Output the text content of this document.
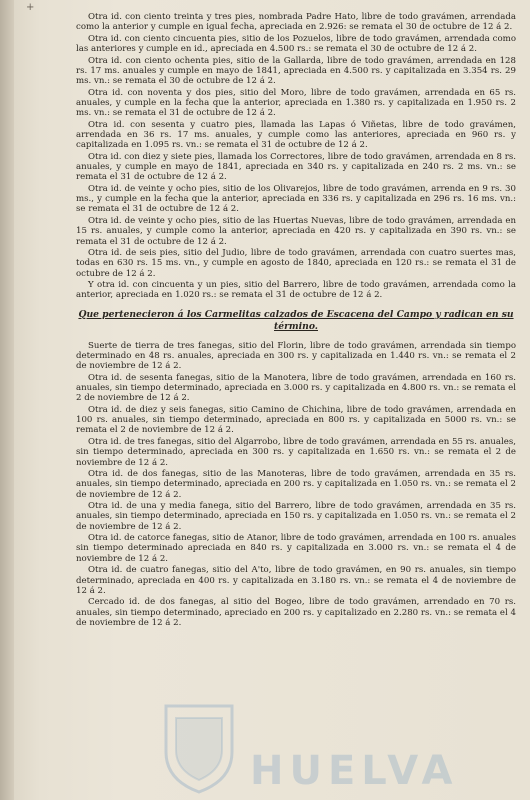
+

Otra id. con ciento treinta y tres pies, nombrada Padre Hato, libre de todo gravámen, arrendada como la anterior y cumple en igual fecha, apreciada en 2.926: se remata el 30 de octubre de 12 á 2.

Otra id. con ciento cincuenta pies, sitio de los Pozuelos, libre de todo gravámen, arrendada como las anteriores y cumple en id., apreciada en 4.500 rs.: se remata el 30 de octubre de 12 á 2.

Otra id. con ciento ochenta pies, sitio de la Gallarda, libre de todo gravámen, arrendada en 128 rs. 17 ms. anuales y cumple en mayo de 1841, apreciada en 4.500 rs. y capitalizada en 3.354 rs. 29 ms. vn.: se remata el 30 de octubre de 12 á 2.

Otra id. con noventa y dos pies, sitio del Moro, libre de todo gravámen, arrendada en 65 rs. anuales, y cumple en la fecha que la anterior, apreciada en 1.380 rs. y capitalizada en 1.950 rs. 2 ms. vn.: se remata el 31 de octubre de 12 á 2.

Otra id. con sesenta y cuatro pies, llamada las Lapas ó Viñetas, libre de todo gravámen, arrendada en 36 rs. 17 ms. anuales, y cumple como las anteriores, apreciada en 960 rs. y capitalizada en 1.095 rs. vn.: se remata el 31 de octubre de 12 á 2.

Otra id. con diez y siete pies, llamada los Correctores, libre de todo gravámen, arrendada en 8 rs. anuales, y cumple en mayo de 1841, apreciada en 340 rs. y capitalizada en 240 rs. 2 ms. vn.: se remata el 31 de octubre de 12 á 2.

Otra id. de veinte y ocho pies, sitio de los Olivarejos, libre de todo gravámen, arrenda en 9 rs. 30 ms., y cumple en la fecha que la anterior, apreciada en 336 rs. y capitalizada en 296 rs. 16 ms. vn.: se remata el 31 de octubre de 12 á 2.

Otra id. de veinte y ocho pies, sitio de las Huertas Nuevas, libre de todo gravámen, arrendada en 15 rs. anuales, y cumple como la anterior, apreciada en 420 rs. y capitalizada en 390 rs. vn.: se remata el 31 de octubre de 12 á 2.

Otra id. de seis pies, sitio del Judio, libre de todo gravámen, arrendada con cuatro suertes mas, todas en 630 rs. 15 ms. vn., y cumple en agosto de 1840, apreciada en 120 rs.: se remata el 31 de octubre de 12 á 2.

Y otra id. con cincuenta y un pies, sitio del Barrero, libre de todo gravámen, arrendada como la anterior, apreciada en 1.020 rs.: se remata el 31 de octubre de 12 á 2.

Que pertenecieron á los Carmelitas calzados de Escacena del Campo y radican en su término.

Suerte de tierra de tres fanegas, sitio del Florin, libre de todo gravámen, arrendada sin tiempo determinado en 48 rs. anuales, apreciada en 300 rs. y capitalizada en 1.440 rs. vn.: se remata el 2 de noviembre de 12 á 2.

Otra id. de sesenta fanegas, sitio de la Manotera, libre de todo gravámen, arrendada en 160 rs. anuales, sin tiempo determinado, apreciada en 3.000 rs. y capitalizada en 4.800 rs. vn.: se remata el 2 de noviembre de 12 á 2.

Otra id. de diez y seis fanegas, sitio Camino de Chichina, libre de todo gravámen, arrendada en 100 rs. anuales, sin tiempo determinado, apreciada en 800 rs. y capitalizada en 5000 rs. vn.: se remata el 2 de noviembre de 12 á 2.

Otra id. de tres fanegas, sitio del Algarrobo, libre de todo gravámen, arrendada en 55 rs. anuales, sin tiempo determinado, apreciada en 300 rs. y capitalizada en 1.650 rs. vn.: se remata el 2 de noviembre de 12 á 2.

Otra id. de dos fanegas, sitio de las Manoteras, libre de todo gravámen, arrendada en 35 rs. anuales, sin tiempo determinado, apreciada en 200 rs. y capitalizada en 1.050 rs. vn.: se remata el 2 de noviembre de 12 á 2.

Otra id. de una y media fanega, sitio del Barrero, libre de todo gravámen, arrendada en 35 rs. anuales, sin tiempo determinado, apreciada en 150 rs. y capitalizada en 1.050 rs. vn.: se remata el 2 de noviembre de 12 á 2.

Otra id. de catorce fanegas, sitio de Atanor, libre de todo gravámen, arrendada en 100 rs. anuales sin tiempo determinado apreciada en 840 rs. y capitalizada en 3.000 rs. vn.: se remata el 4 de noviembre de 12 á 2.

Otra id. de cuatro fanegas, sitio del A'to, libre de todo gravámen, en 90 rs. anuales, sin tiempo determinado, apreciada en 400 rs. y capitalizada en 3.180 rs. vn.: se remata el 4 de noviembre de 12 á 2.

Cercado id. de dos fanegas, al sitio del Bogeo, libre de todo gravámen, arrendado en 70 rs. anuales, sin tiempo determinado, apreciado en 200 rs. y capitalizado en 2.280 rs. vn.: se remata el 4 de noviembre de 12 á 2.

HUELVA
